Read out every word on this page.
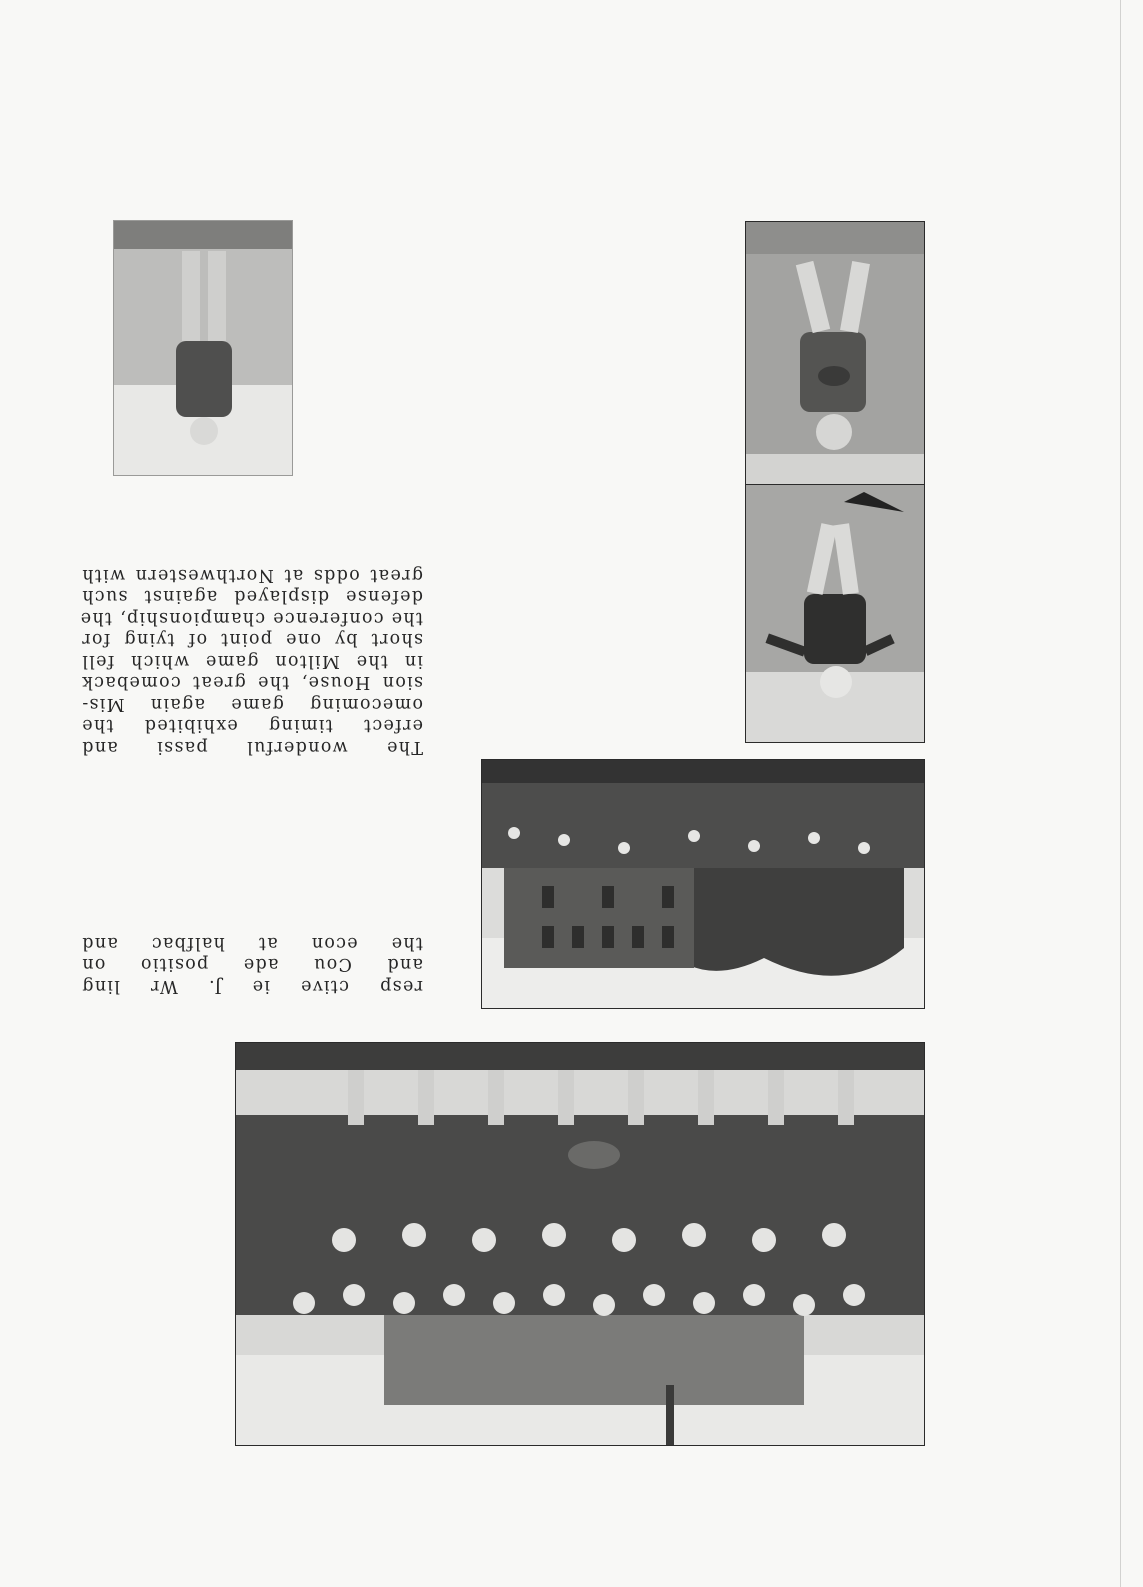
resp ctive ie J. Wr ling

and Cou ade positio on

the econ at halfbac and

The wonderful passi and

erfect timing exhibited the

omecoming game again Mis-

sion House, the great comeback

in the Milton game which fell

short by one point of tying for

the conference championship, the

defense displayed against such

great odds at Northwestern with
